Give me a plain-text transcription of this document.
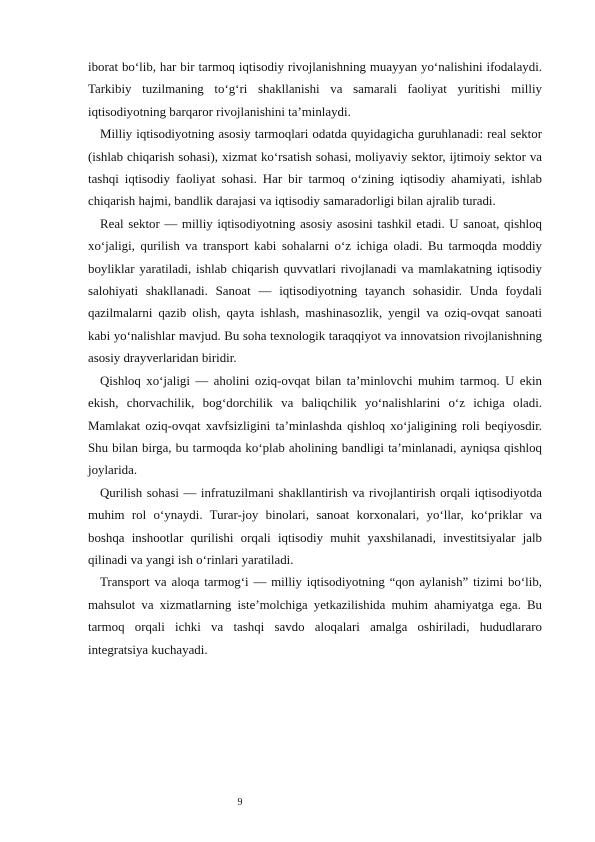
iborat bo‘lib, har bir tarmoq iqtisodiy rivojlanishning muayyan yo‘nalishini ifodalaydi. Tarkibiy tuzilmaning to‘g‘ri shakllanishi va samarali faoliyat yuritishi milliy iqtisodiyotning barqaror rivojlanishini ta’minlaydi.

Milliy iqtisodiyotning asosiy tarmoqlari odatda quyidagicha guruhlanadi: real sektor (ishlab chiqarish sohasi), xizmat ko‘rsatish sohasi, moliyaviy sektor, ijtimoiy sektor va tashqi iqtisodiy faoliyat sohasi. Har bir tarmoq o‘zining iqtisodiy ahamiyati, ishlab chiqarish hajmi, bandlik darajasi va iqtisodiy samaradorligi bilan ajralib turadi.

Real sektor — milliy iqtisodiyotning asosiy asosini tashkil etadi. U sanoat, qishloq xo‘jaligi, qurilish va transport kabi sohalarni o‘z ichiga oladi. Bu tarmoqda moddiy boyliklar yaratiladi, ishlab chiqarish quvvatlari rivojlanadi va mamlakatning iqtisodiy salohiyati shakllanadi. Sanoat — iqtisodiyotning tayanch sohasidir. Unda foydali qazilmalarni qazib olish, qayta ishlash, mashinasozlik, yengil va oziq-ovqat sanoati kabi yo‘nalishlar mavjud. Bu soha texnologik taraqqiyot va innovatsion rivojlanishning asosiy drayverlaridan biridir.

Qishloq xo‘jaligi — aholini oziq-ovqat bilan ta’minlovchi muhim tarmoq. U ekin ekish, chorvachilik, bog‘dorchilik va baliqchilik yo‘nalishlarini o‘z ichiga oladi. Mamlakat oziq-ovqat xavfsizligini ta’minlashda qishloq xo‘jaligining roli beqiyosdir. Shu bilan birga, bu tarmoqda ko‘plab aholining bandligi ta’minlanadi, ayniqsa qishloq joylarida.

Qurilish sohasi — infratuzilmani shakllantirish va rivojlantirish orqali iqtisodiyotda muhim rol o‘ynaydi. Turar-joy binolari, sanoat korxonalari, yo‘llar, ko‘priklar va boshqa inshootlar qurilishi orqali iqtisodiy muhit yaxshilanadi, investitsiyalar jalb qilinadi va yangi ish o‘rinlari yaratiladi.

Transport va aloqa tarmog‘i — milliy iqtisodiyotning “qon aylanish” tizimi bo‘lib, mahsulot va xizmatlarning iste’molchiga yetkazilishida muhim ahamiyatga ega. Bu tarmoq orqali ichki va tashqi savdo aloqalari amalga oshiriladi, hududlararo integratsiya kuchayadi.

9
